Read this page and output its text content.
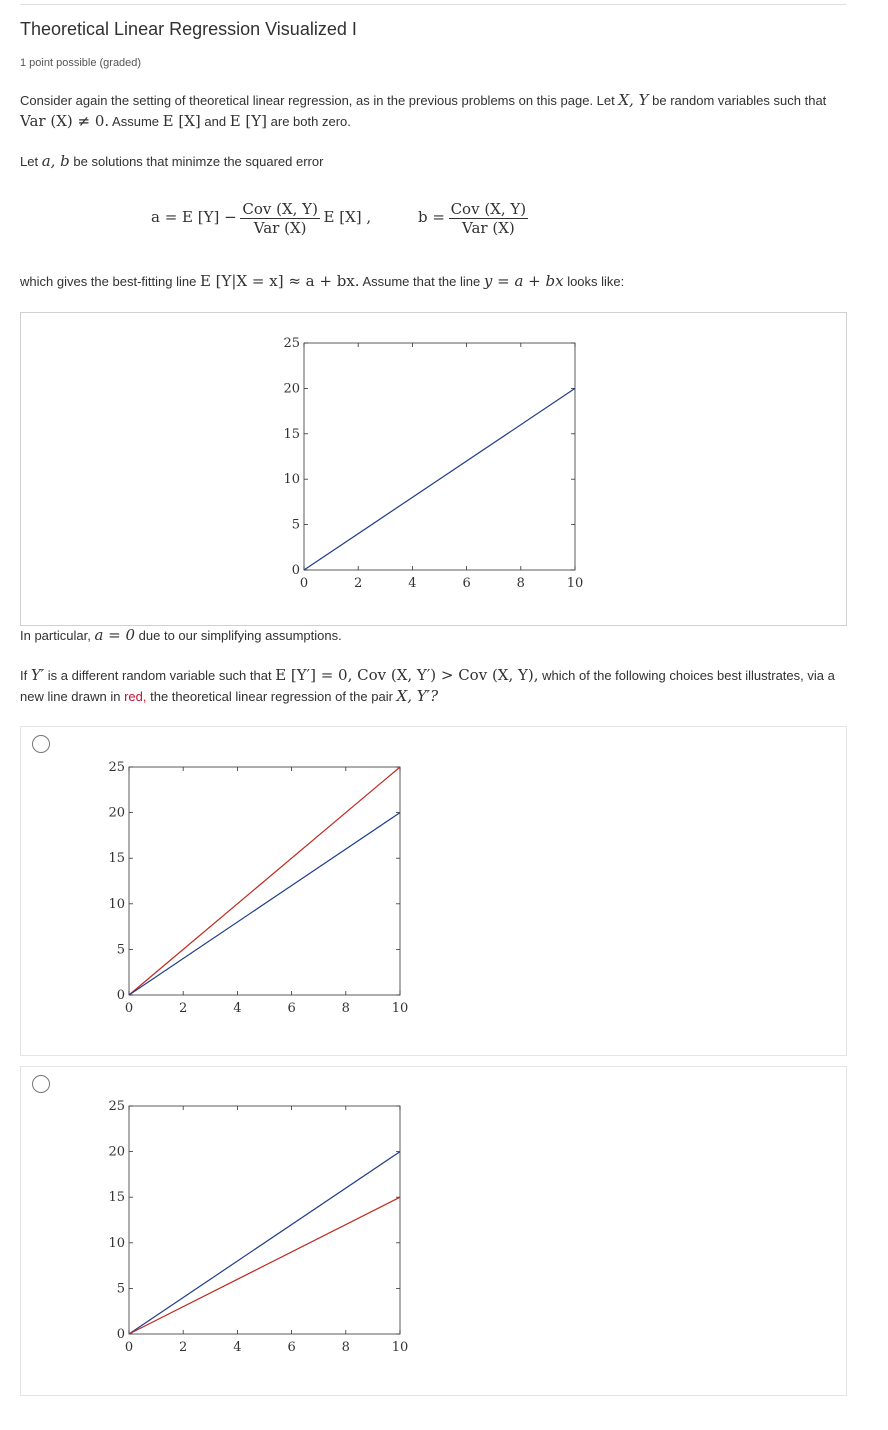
Theoretical Linear Regression Visualized I
1 point possible (graded)
Consider again the setting of theoretical linear regression, as in the previous problems on this page. Let X, Y be random variables such that Var (X) ≠ 0. Assume E [X] and E [Y] are both zero.
Let a, b be solutions that minimze the squared error
a = E $[Y] - \frac{\text{Cov (X, Y)}}{\text{Var (X)}}$ E [X] ,	$b = \frac{\text{Cov (X, Y)}}{\text{Var (X)}}$
which gives the best-fitting line E [Y|X = x] ≈ a + bx. Assume that the line y = a + bx looks like:
0	2	4	6	8	10
0
5
10
15
20
25
In particular, a = 0 due to our simplifying assumptions.
If Y′ is a different random variable such that E [Y′] = 0, Cov (X, Y′) > Cov (X, Y), which of the following choices best illustrates, via a new line drawn in red, the theoretical linear regression of the pair X, Y′?
0	2	4	6	8	10
0
5
10
15
20
25
0	2	4	6	8	10
0
5
10
15
20
25
